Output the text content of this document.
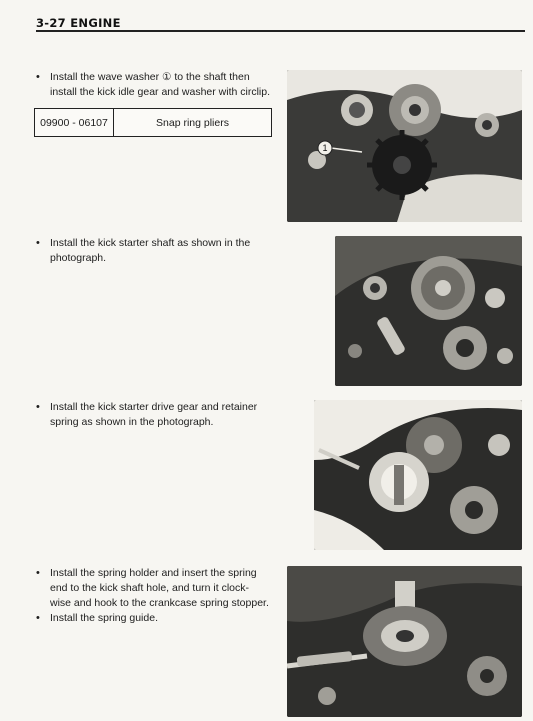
3-27 ENGINE
• Install the wave washer ① to the shaft then
install the kick idle gear and washer with circlip.
09900 - 06107	Snap ring pliers
• Install the kick starter shaft as shown in the
photograph.
• Install the kick starter drive gear and retainer
spring as shown in the photograph.
• Install the spring holder and insert the spring
end to the kick shaft hole, and turn it clock-
wise and hook to the crankcase spring stopper.
• Install the spring guide.
1
